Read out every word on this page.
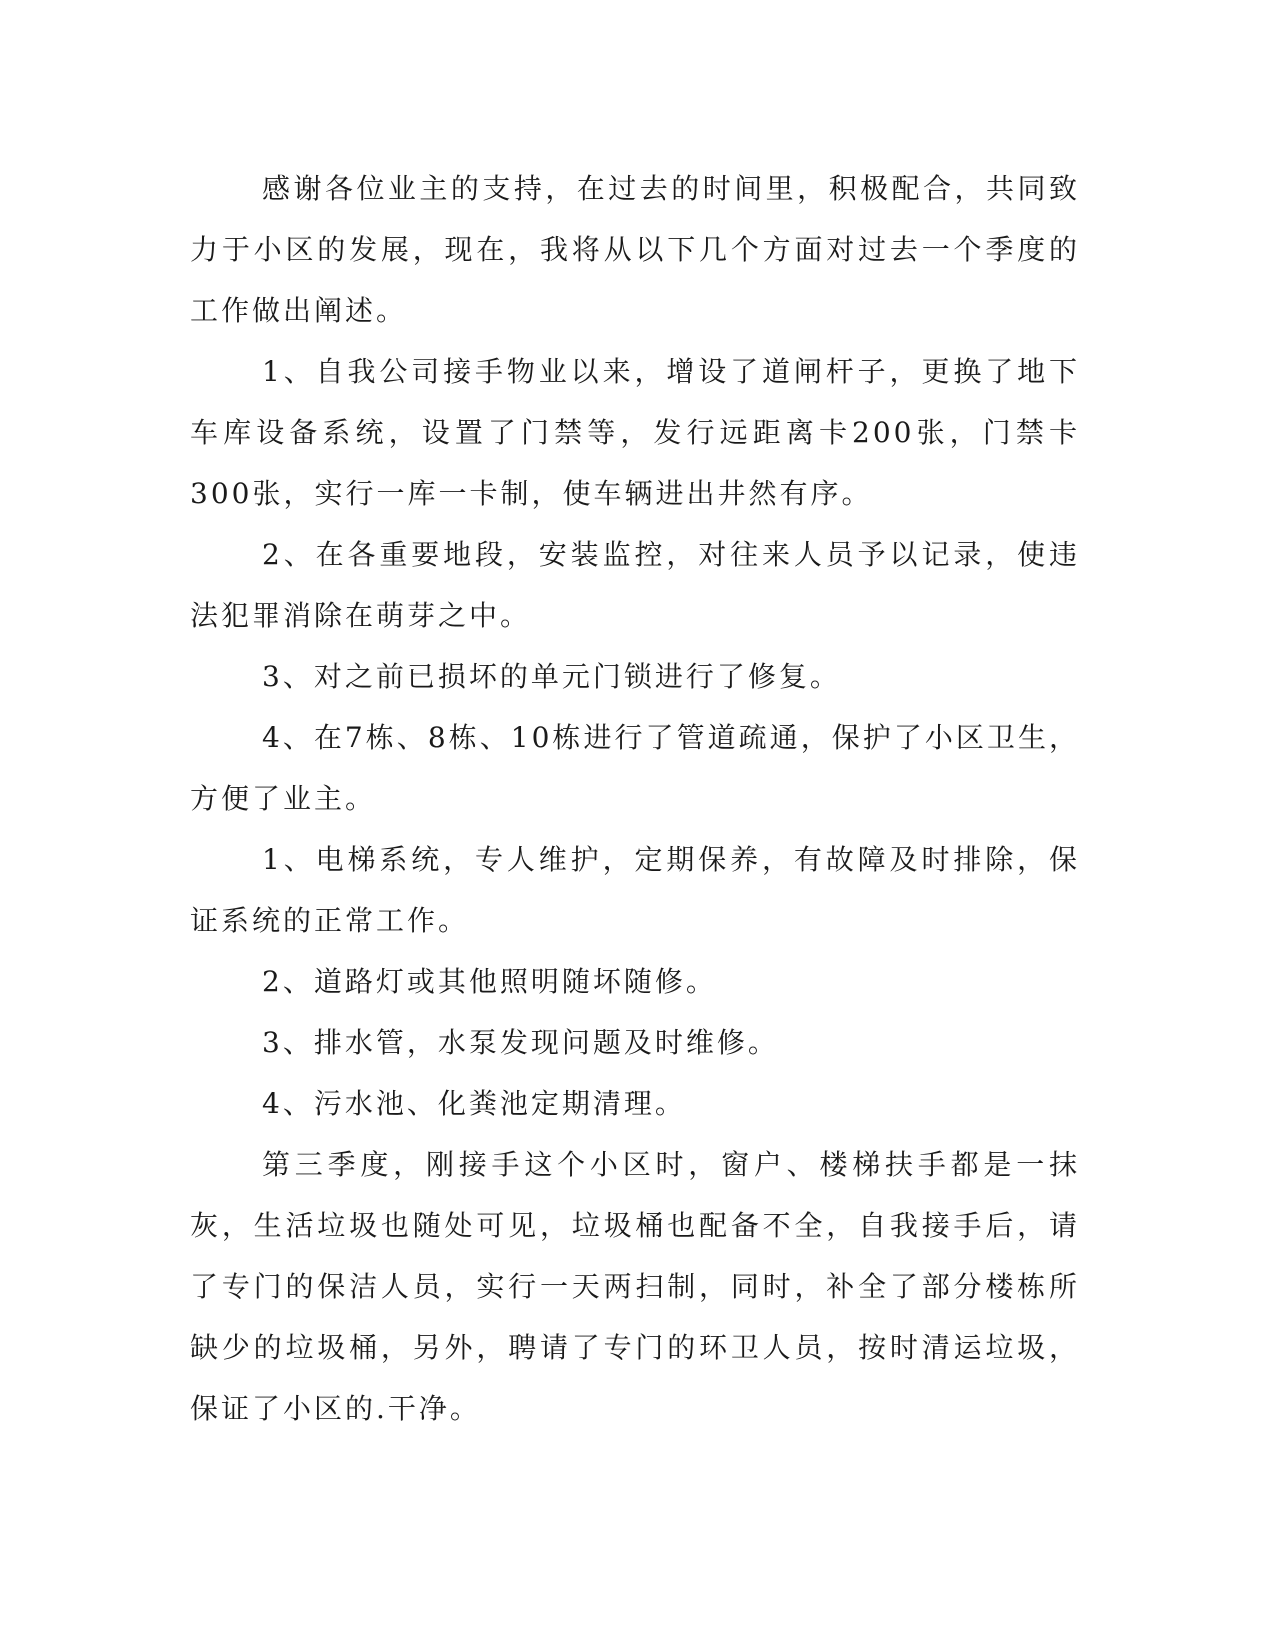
感谢各位业主的支持，在过去的时间里，积极配合，共同致力于小区的发展，现在，我将从以下几个方面对过去一个季度的工作做出阐述。

1、自我公司接手物业以来，增设了道闸杆子，更换了地下车库设备系统，设置了门禁等，发行远距离卡200张，门禁卡300张，实行一库一卡制，使车辆进出井然有序。

2、在各重要地段，安装监控，对往来人员予以记录，使违法犯罪消除在萌芽之中。

3、对之前已损坏的单元门锁进行了修复。

4、在7栋、8栋、10栋进行了管道疏通，保护了小区卫生，方便了业主。

1、电梯系统，专人维护，定期保养，有故障及时排除，保证系统的正常工作。

2、道路灯或其他照明随坏随修。

3、排水管，水泵发现问题及时维修。

4、污水池、化粪池定期清理。

第三季度，刚接手这个小区时，窗户、楼梯扶手都是一抹灰，生活垃圾也随处可见，垃圾桶也配备不全，自我接手后，请了专门的保洁人员，实行一天两扫制，同时，补全了部分楼栋所缺少的垃圾桶，另外，聘请了专门的环卫人员，按时清运垃圾，保证了小区的.干净。
